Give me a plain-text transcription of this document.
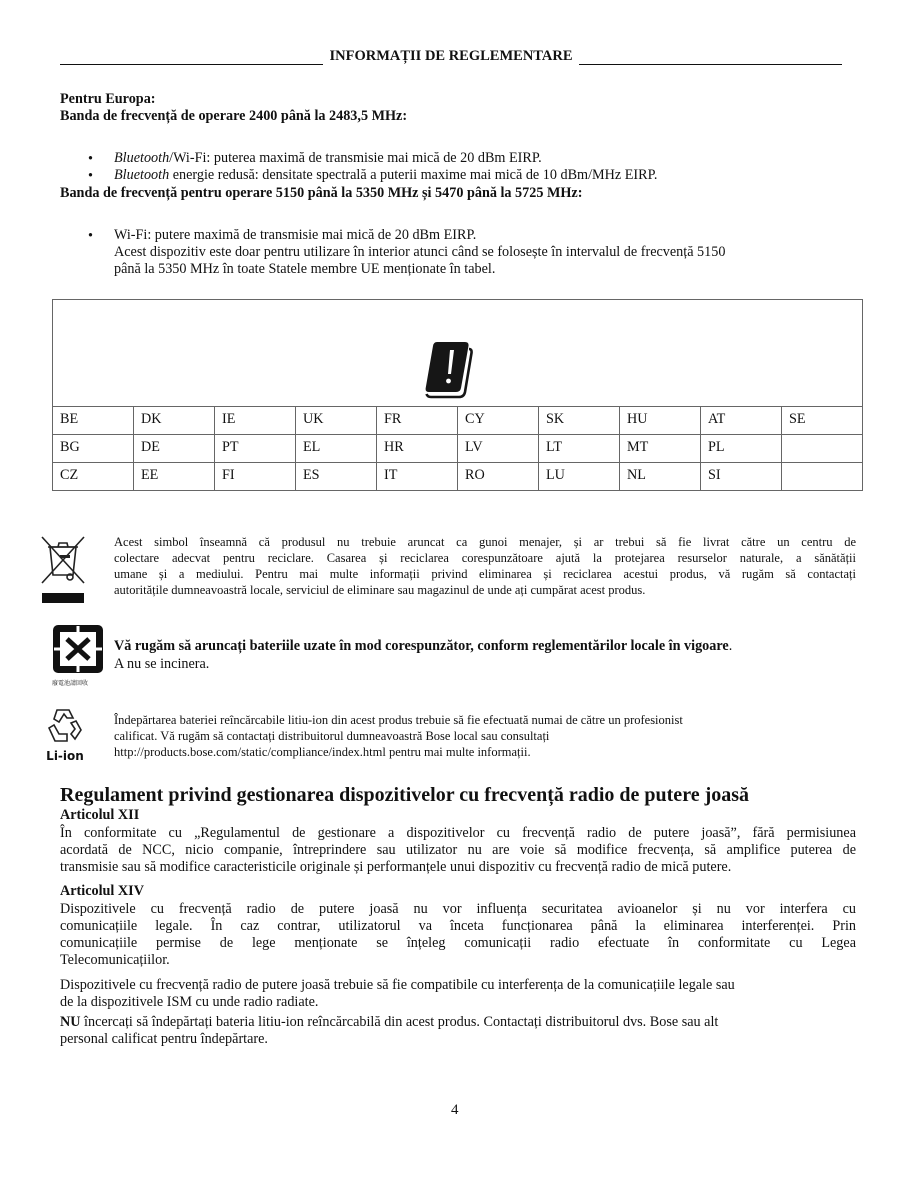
INFORMAȚII DE REGLEMENTARE
Pentru Europa:
Banda de frecvență de operare 2400 până la 2483,5 MHz:
• Bluetooth/Wi-Fi: puterea maximă de transmisie mai mică de 20 dBm EIRP.
• Bluetooth energie redusă: densitate spectrală a puterii maxime mai mică de 10 dBm/MHz EIRP.
Banda de frecvență pentru operare 5150 până la 5350 MHz și 5470 până la 5725 MHz:
• Wi-Fi: putere maximă de transmisie mai mică de 20 dBm EIRP.
Acest dispozitiv este doar pentru utilizare în interior atunci când se folosește în intervalul de frecvență 5150
până la 5350 MHz în toate Statele membre UE menționate în tabel.

BE	DK	IE	UK	FR	CY	SK	HU	AT	SE
BG	DE	PT	EL	HR	LV	LT	MT	PL	
CZ	EE	FI	ES	IT	RO	LU	NL	SI	
Acest simbol înseamnă că produsul nu trebuie aruncat ca gunoi menajer, și ar trebui să fie livrat către un centru de
colectare adecvat pentru reciclare. Casarea și reciclarea corespunzătoare ajută la protejarea resurselor naturale, a sănătății
umane și a mediului. Pentru mai multe informații privind eliminarea și reciclarea acestui produs, vă rugăm să contactați
autoritățile dumneavoastră locale, serviciul de eliminare sau magazinul de unde ați cumpărat acest produs.
廢電池請回收
Vă rugăm să aruncați bateriile uzate în mod corespunzător, conform reglementărilor locale în vigoare.
A nu se incinera.
Li-ion
Îndepărtarea bateriei reîncărcabile litiu-ion din acest produs trebuie să fie efectuată numai de către un profesionist
calificat. Vă rugăm să contactați distribuitorul dumneavoastră Bose local sau consultați
http://products.bose.com/static/compliance/index.html pentru mai multe informații.
Regulament privind gestionarea dispozitivelor cu frecvență radio de putere joasă
Articolul XII
În conformitate cu „Regulamentul de gestionare a dispozitivelor cu frecvență radio de putere joasă”, fără permisiunea
acordată de NCC, nicio companie, întreprindere sau utilizator nu are voie să modifice frecvența, să amplifice puterea de
transmisie sau să modifice caracteristicile originale și performanțele unui dispozitiv cu frecvență radio de mică putere.
Articolul XIV
Dispozitivele cu frecvență radio de putere joasă nu vor influența securitatea avioanelor și nu vor interfera cu
comunicațiile legale. În caz contrar, utilizatorul va înceta funcționarea până la eliminarea interferenței. Prin
comunicațiile permise de lege menționate se înțeleg comunicații radio efectuate în conformitate cu Legea
Telecomunicațiilor.
Dispozitivele cu frecvență radio de putere joasă trebuie să fie compatibile cu interferența de la comunicațiile legale sau
de la dispozitivele ISM cu unde radio radiate.
NU încercați să îndepărtați bateria litiu-ion reîncărcabilă din acest produs. Contactați distribuitorul dvs. Bose sau alt
personal calificat pentru îndepărtare.
4
